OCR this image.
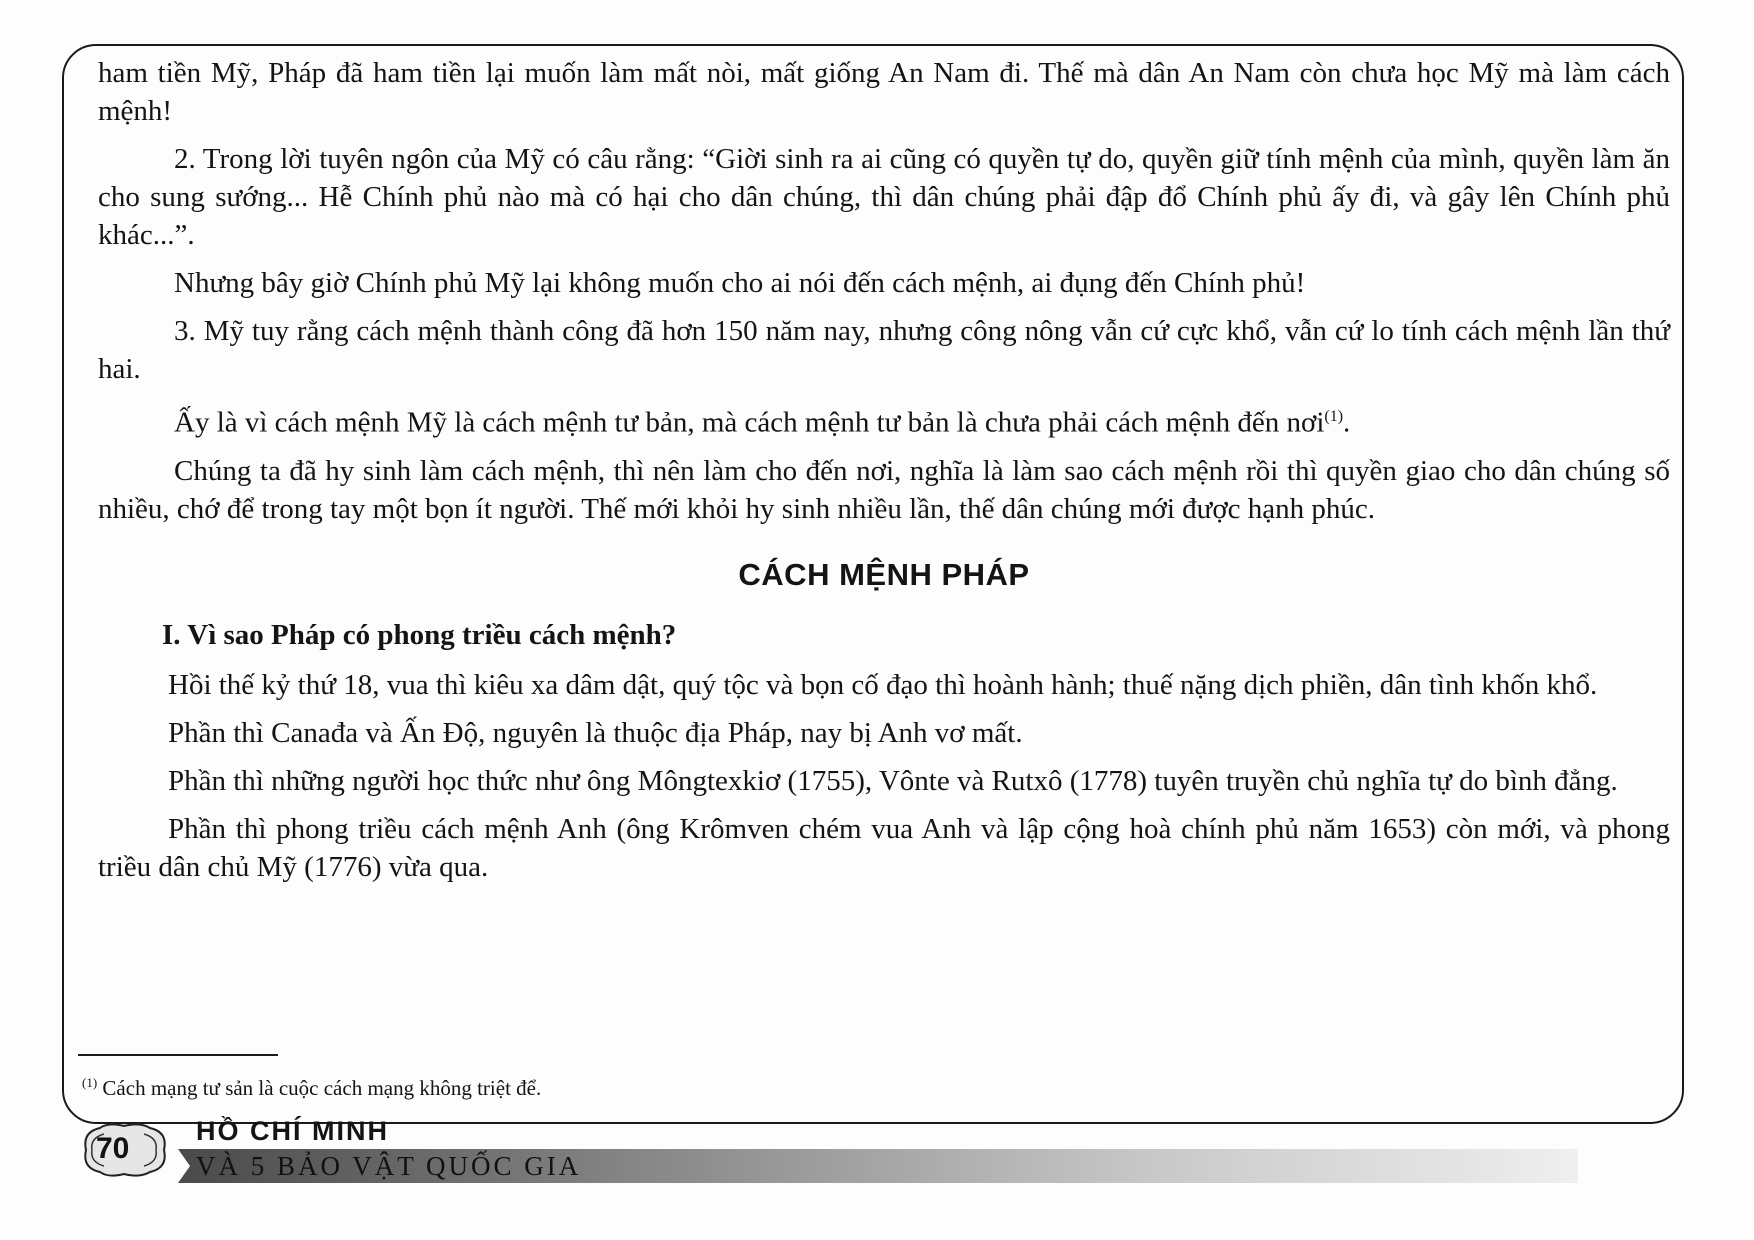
ham tiền Mỹ, Pháp đã ham tiền lại muốn làm mất nòi, mất giống An Nam đi. Thế mà dân An Nam còn chưa học Mỹ mà làm cách mệnh!

2. Trong lời tuyên ngôn của Mỹ có câu rằng: “Giời sinh ra ai cũng có quyền tự do, quyền giữ tính mệnh của mình, quyền làm ăn cho sung sướng... Hễ Chính phủ nào mà có hại cho dân chúng, thì dân chúng phải đập đổ Chính phủ ấy đi, và gây lên Chính phủ khác...”.

Nhưng bây giờ Chính phủ Mỹ lại không muốn cho ai nói đến cách mệnh, ai đụng đến Chính phủ!

3. Mỹ tuy rằng cách mệnh thành công đã hơn 150 năm nay, nhưng công nông vẫn cứ cực khổ, vẫn cứ lo tính cách mệnh lần thứ hai.

Ấy là vì cách mệnh Mỹ là cách mệnh tư bản, mà cách mệnh tư bản là chưa phải cách mệnh đến nơi$^{(1)}$.

Chúng ta đã hy sinh làm cách mệnh, thì nên làm cho đến nơi, nghĩa là làm sao cách mệnh rồi thì quyền giao cho dân chúng số nhiều, chớ để trong tay một bọn ít người. Thế mới khỏi hy sinh nhiều lần, thế dân chúng mới được hạnh phúc.

CÁCH MỆNH PHÁP

I. Vì sao Pháp có phong triều cách mệnh?

Hồi thế kỷ thứ 18, vua thì kiêu xa dâm dật, quý tộc và bọn cố đạo thì hoành hành; thuế nặng dịch phiền, dân tình khốn khổ.

Phần thì Canađa và Ấn Độ, nguyên là thuộc địa Pháp, nay bị Anh vơ mất.

Phần thì những người học thức như ông Môngtexkiơ (1755), Vônte và Rutxô (1778) tuyên truyền chủ nghĩa tự do bình đẳng.

Phần thì phong triều cách mệnh Anh (ông Krômven chém vua Anh và lập cộng hoà chính phủ năm 1653) còn mới, và phong triều dân chủ Mỹ (1776) vừa qua.

$^{(1)}$ Cách mạng tư sản là cuộc cách mạng không triệt để.
70
HỒ CHÍ MINH
VÀ 5 BẢO VẬT QUỐC GIA
